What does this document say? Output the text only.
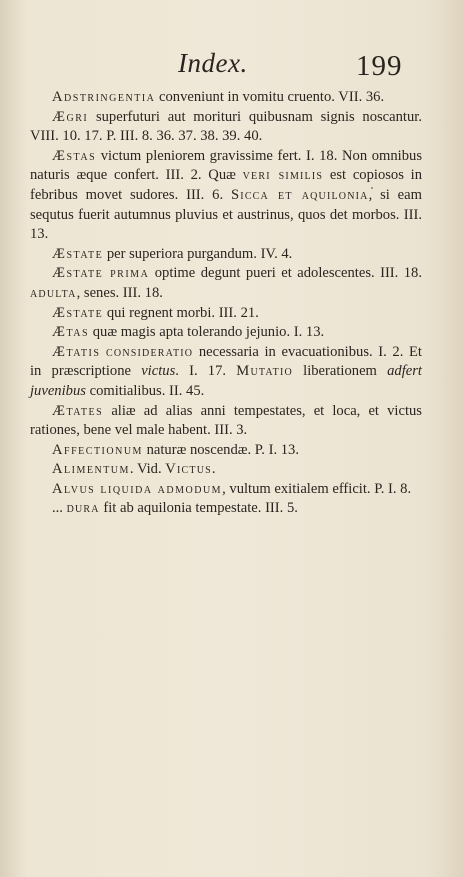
Index.	199

Adstringentia conveniunt in vomitu cruento. VII. 36.

Ægri superfuturi aut morituri quibusnam signis noscantur. VIII. 10. 17. P. III. 8. 36. 37. 38. 39. 40.

Æstas victum pleniorem gravissime fert. I. 18. Non omnibus naturis æque confert. III. 2. Quæ veri similis est copiosos in febribus movet sudores. III. 6. Sicca et aquilonia, si eam sequtus fuerit autumnus pluvius et austrinus, quos det morbos. III. 13.

Æstate per superiora purgandum. IV. 4.

Æstate prima optime degunt pueri et adolescentes. III. 18. adulta, senes. III. 18.

Æstate qui regnent morbi. III. 21.

Ætas quæ magis apta tolerando jejunio. I. 13.

Ætatis consideratio necessaria in evacuationibus. I. 2. Et in præscriptione victus. I. 17. Mutatio liberationem adfert juvenibus comitialibus. II. 45.

Ætates aliæ ad alias anni tempestates, et loca, et victus rationes, bene vel male habent. III. 3.

Affectionum naturæ noscendæ. P. I. 13.

Alimentum. Vid. Victus.

Alvus liquida admodum, vultum exitialem efficit. P. I. 8.

... dura fit ab aquilonia tempestate. III. 5.
